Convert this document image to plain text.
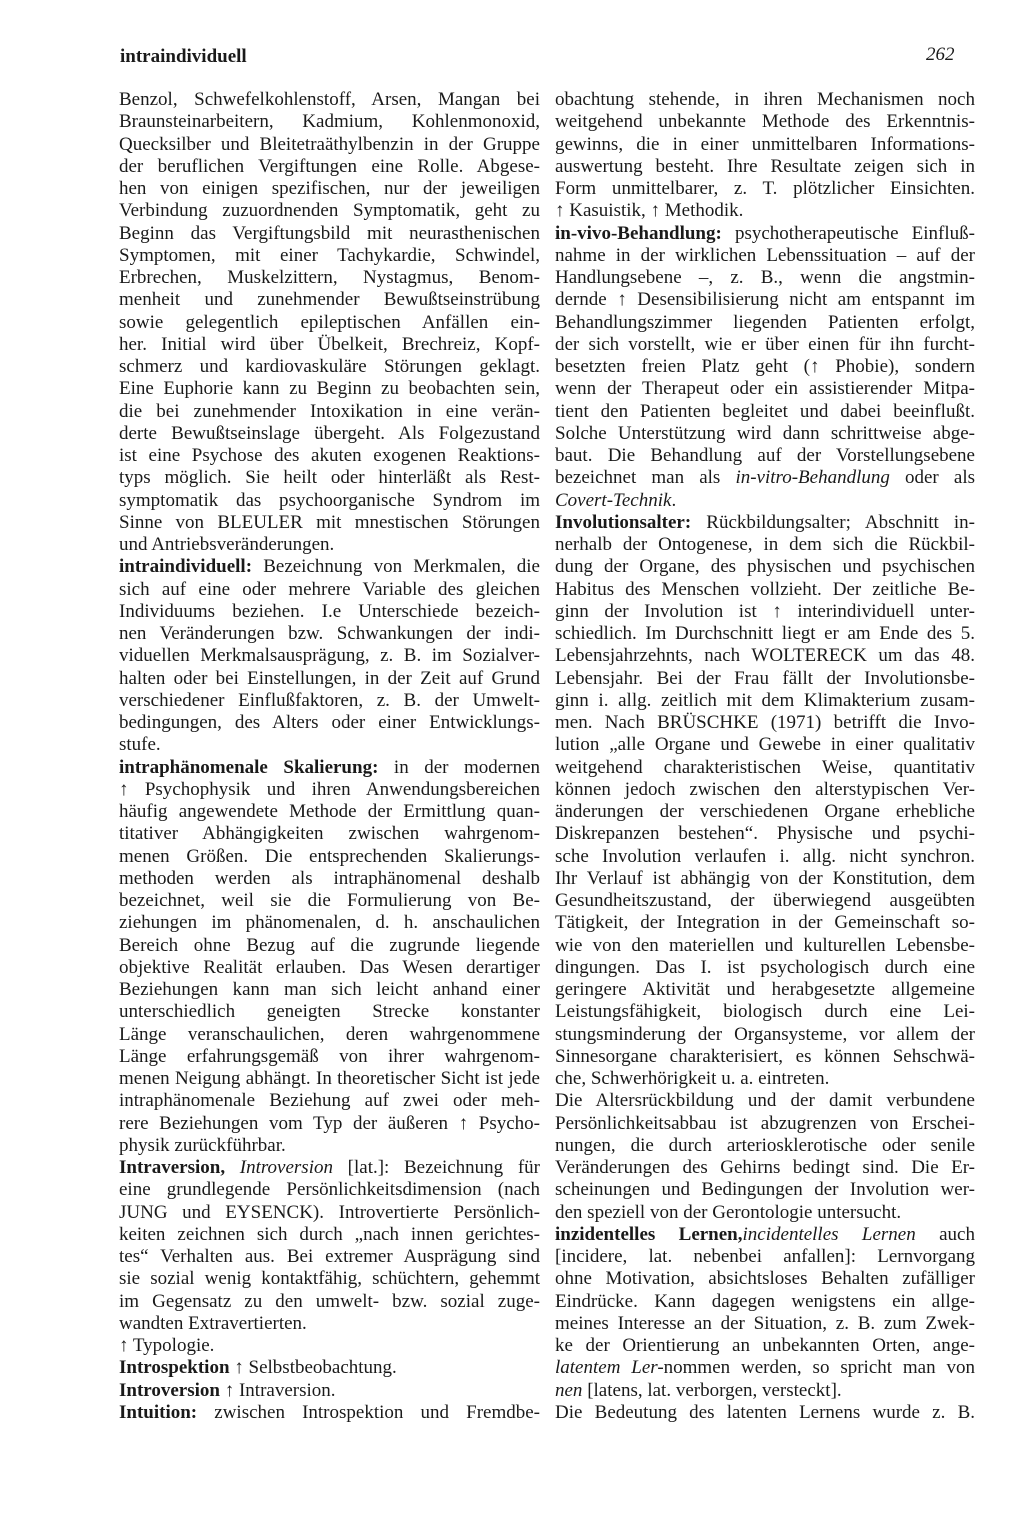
intraindividuell	262
Benzol, Schwefelkohlenstoff, Arsen, Mangan bei
Braunsteinarbeitern, Kadmium, Kohlenmonoxid,
Quecksilber und Bleitetraäthylbenzin in der Gruppe
der beruflichen Vergiftungen eine Rolle. Abgese-
hen von einigen spezifischen, nur der jeweiligen
Verbindung zuzuordnenden Symptomatik, geht zu
Beginn das Vergiftungsbild mit neurasthenischen
Symptomen, mit einer Tachykardie, Schwindel,
Erbrechen, Muskelzittern, Nystagmus, Benom-
menheit und zunehmender Bewußtseinstrübung
sowie gelegentlich epileptischen Anfällen ein-
her. Initial wird über Übelkeit, Brechreiz, Kopf-
schmerz und kardiovaskuläre Störungen geklagt.
Eine Euphorie kann zu Beginn zu beobachten sein,
die bei zunehmender Intoxikation in eine verän-
derte Bewußtseinslage übergeht. Als Folgezustand
ist eine Psychose des akuten exogenen Reaktions-
typs möglich. Sie heilt oder hinterläßt als Rest-
symptomatik das psychoorganische Syndrom im
Sinne von BLEULER mit mnestischen Störungen
und Antriebsveränderungen.
intraindividuell: Bezeichnung von Merkmalen, die
sich auf eine oder mehrere Variable des gleichen
Individuums beziehen. I.e Unterschiede bezeich-
nen Veränderungen bzw. Schwankungen der indi-
viduellen Merkmalsausprägung, z. B. im Sozialver-
halten oder bei Einstellungen, in der Zeit auf Grund
verschiedener Einflußfaktoren, z. B. der Umwelt-
bedingungen, des Alters oder einer Entwicklungs-
stufe.
intraphänomenale Skalierung: in der modernen
↑ Psychophysik und ihren Anwendungsbereichen
häufig angewendete Methode der Ermittlung quan-
titativer Abhängigkeiten zwischen wahrgenom-
menen Größen. Die entsprechenden Skalierungs-
methoden werden als intraphänomenal deshalb
bezeichnet, weil sie die Formulierung von Be-
ziehungen im phänomenalen, d. h. anschaulichen
Bereich ohne Bezug auf die zugrunde liegende
objektive Realität erlauben. Das Wesen derartiger
Beziehungen kann man sich leicht anhand einer
unterschiedlich geneigten Strecke konstanter
Länge veranschaulichen, deren wahrgenommene
Länge erfahrungsgemäß von ihrer wahrgenom-
menen Neigung abhängt. In theoretischer Sicht ist jede
intraphänomenale Beziehung auf zwei oder meh-
rere Beziehungen vom Typ der äußeren ↑ Psycho-
physik zurückführbar.
Intraversion, Introversion [lat.]: Bezeichnung für
eine grundlegende Persönlichkeitsdimension (nach
JUNG und EYSENCK). Introvertierte Persönlich-
keiten zeichnen sich durch „nach innen gerichtes-
tes“ Verhalten aus. Bei extremer Ausprägung sind
sie sozial wenig kontaktfähig, schüchtern, gehemmt
im Gegensatz zu den umwelt- bzw. sozial zuge-
wandten Extravertierten.
↑ Typologie.
Introspektion ↑ Selbstbeobachtung.
Introversion ↑ Intraversion.
Intuition: zwischen Introspektion und Fremdbe-
obachtung stehende, in ihren Mechanismen noch
weitgehend unbekannte Methode des Erkenntnis-
gewinns, die in einer unmittelbaren Informations-
auswertung besteht. Ihre Resultate zeigen sich in
Form unmittelbarer, z. T. plötzlicher Einsichten.
↑ Kasuistik, ↑ Methodik.
in-vivo-Behandlung: psychotherapeutische Einfluß-
nahme in der wirklichen Lebenssituation – auf der
Handlungsebene –, z. B., wenn die angstmin-
dernde ↑ Desensibilisierung nicht am entspannt im
Behandlungszimmer liegenden Patienten erfolgt,
der sich vorstellt, wie er über einen für ihn furcht-
besetzten freien Platz geht (↑ Phobie), sondern
wenn der Therapeut oder ein assistierender Mitpa-
tient den Patienten begleitet und dabei beeinflußt.
Solche Unterstützung wird dann schrittweise abge-
baut. Die Behandlung auf der Vorstellungsebene
bezeichnet man als in-vitro-Behandlung oder als
Covert-Technik.
Involutionsalter: Rückbildungsalter; Abschnitt in-
nerhalb der Ontogenese, in dem sich die Rückbil-
dung der Organe, des physischen und psychischen
Habitus des Menschen vollzieht. Der zeitliche Be-
ginn der Involution ist ↑ interindividuell unter-
schiedlich. Im Durchschnitt liegt er am Ende des 5.
Lebensjahrzehnts, nach WOLTERECK um das 48.
Lebensjahr. Bei der Frau fällt der Involutionsbe-
ginn i. allg. zeitlich mit dem Klimakterium zusam-
men. Nach BRÜSCHKE (1971) betrifft die Invo-
lution „alle Organe und Gewebe in einer qualitativ
weitgehend charakteristischen Weise, quantitativ
können jedoch zwischen den alterstypischen Ver-
änderungen der verschiedenen Organe erhebliche
Diskrepanzen bestehen“. Physische und psychi-
sche Involution verlaufen i. allg. nicht synchron.
Ihr Verlauf ist abhängig von der Konstitution, dem
Gesundheitszustand, der überwiegend ausgeübten
Tätigkeit, der Integration in der Gemeinschaft so-
wie von den materiellen und kulturellen Lebensbe-
dingungen. Das I. ist psychologisch durch eine
geringere Aktivität und herabgesetzte allgemeine
Leistungsfähigkeit, biologisch durch eine Lei-
stungsminderung der Organsysteme, vor allem der
Sinnesorgane charakterisiert, es können Sehschwä-
che, Schwerhörigkeit u. a. eintreten.
Die Altersrückbildung und der damit verbundene
Persönlichkeitsabbau ist abzugrenzen von Erschei-
nungen, die durch arteriosklerotische oder senile
Veränderungen des Gehirns bedingt sind. Die Er-
scheinungen und Bedingungen der Involution wer-
den speziell von der Gerontologie untersucht.
inzidentelles Lernen,incidentelles Lernen auch
[incidere, lat. nebenbei anfallen]: Lernvorgang
ohne Motivation, absichtsloses Behalten zufälliger
Eindrücke. Kann dagegen wenigstens ein allge-
meines Interesse an der Situation, z. B. zum Zwek-
ke der Orientierung an unbekannten Orten, ange-
latentem Ler-nommen werden, so spricht man von
nen [latens, lat. verborgen, versteckt].
Die Bedeutung des latenten Lernens wurde z. B.
